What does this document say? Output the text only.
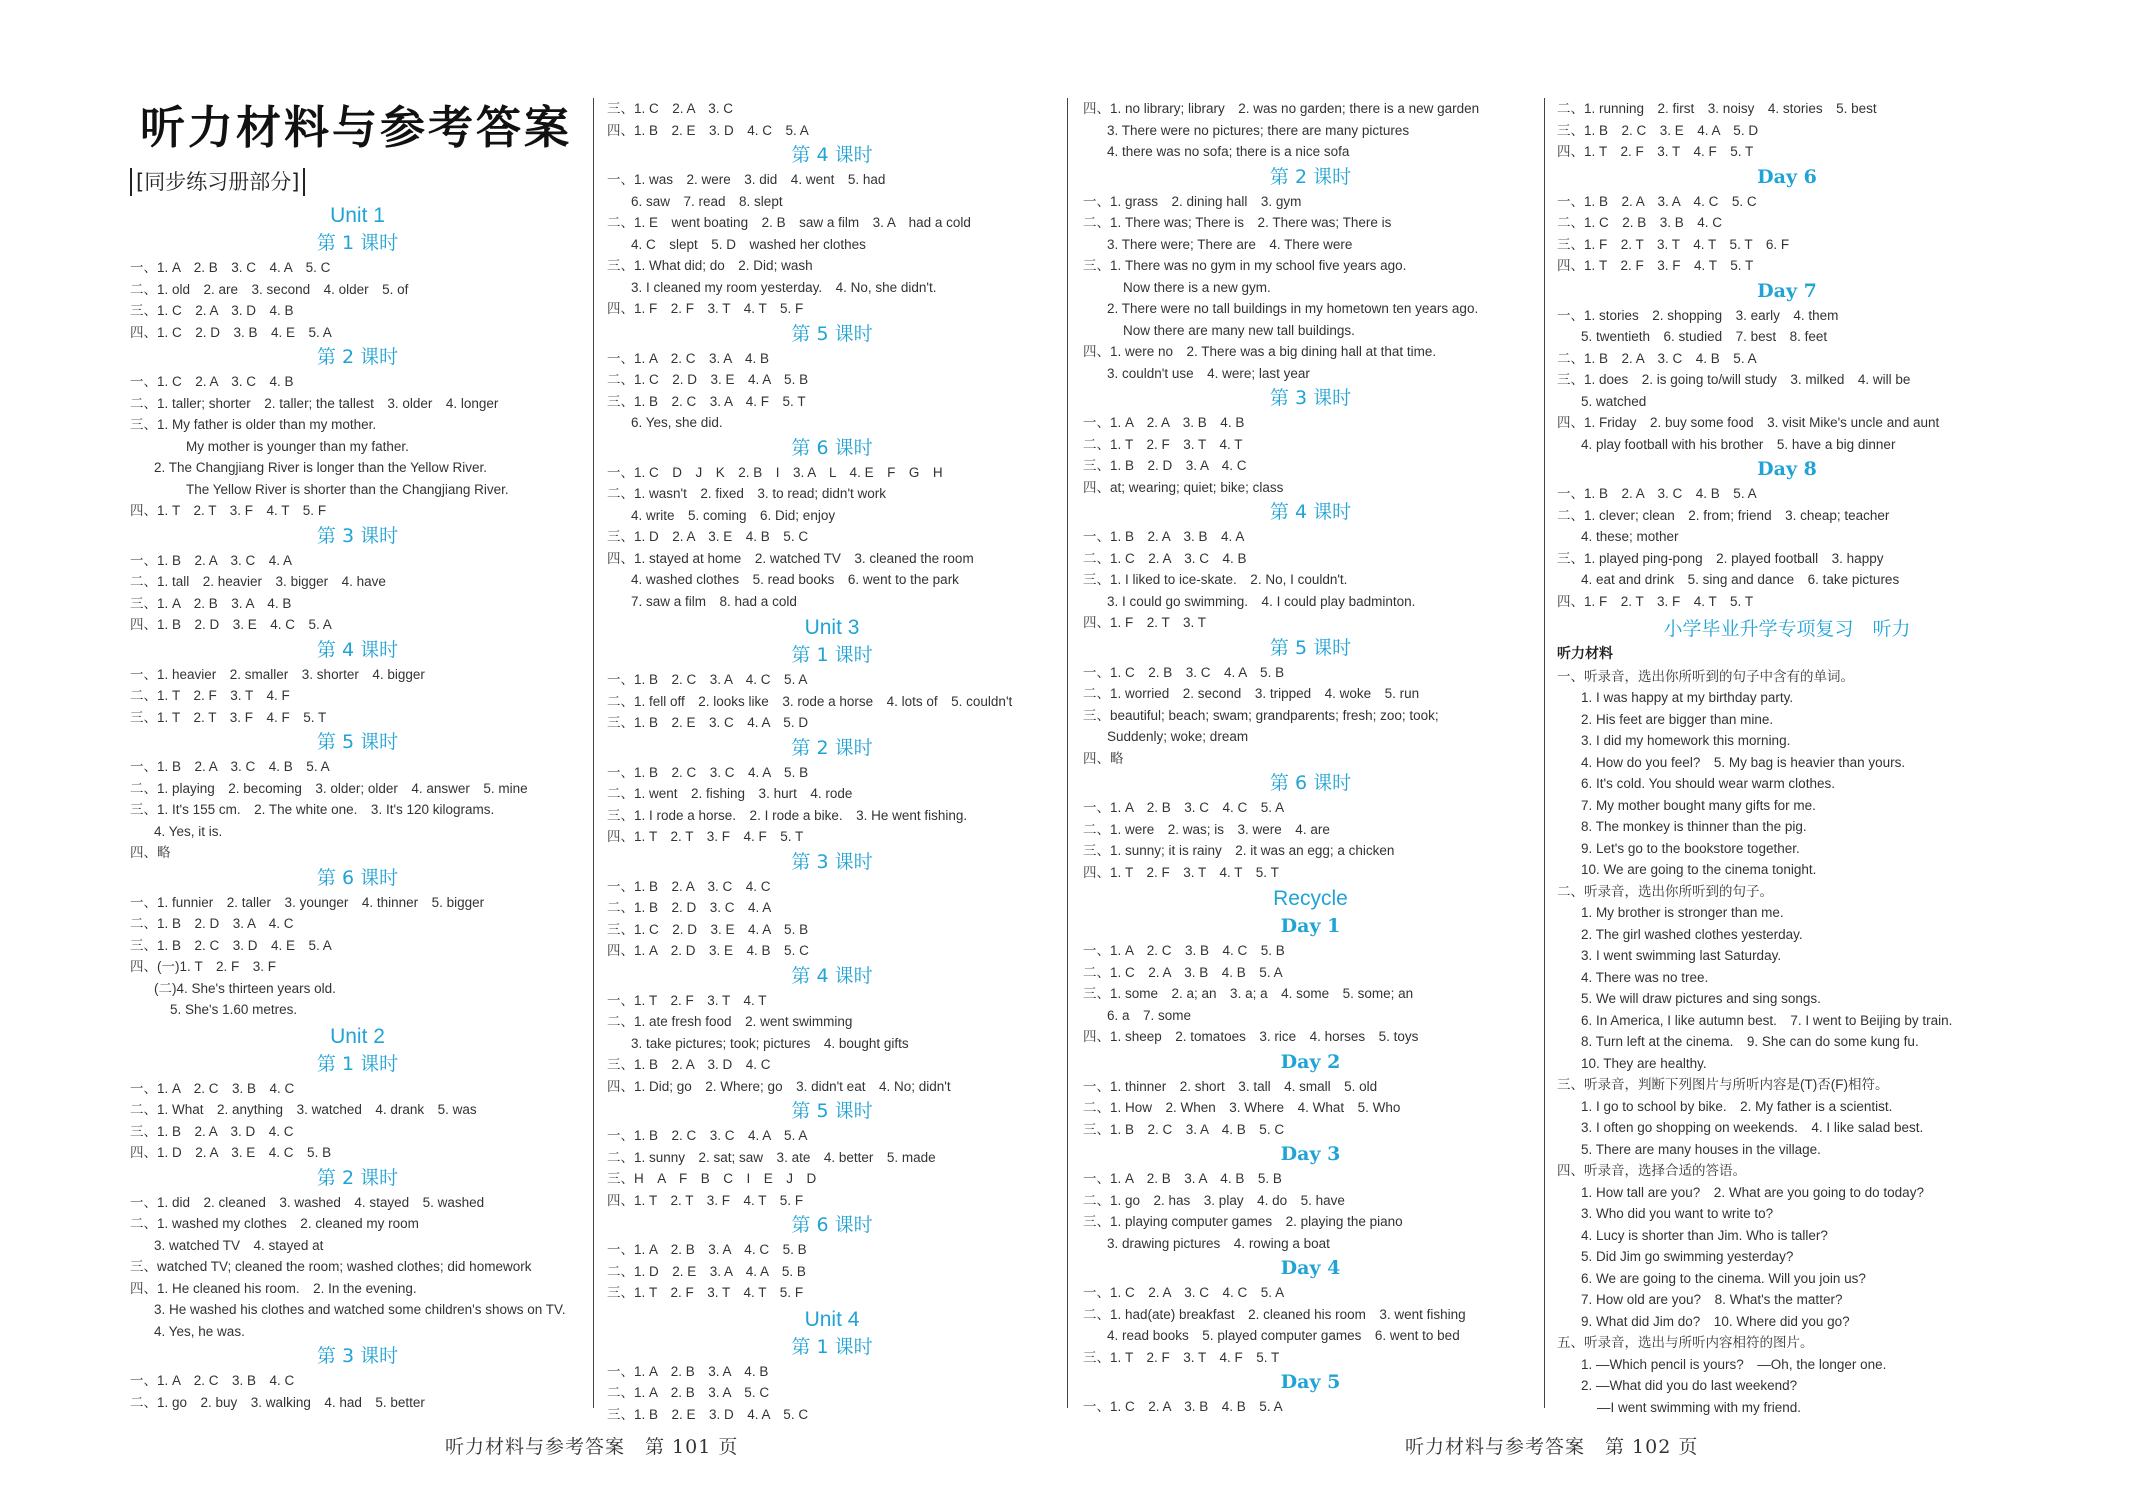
听力材料与参考答案
[同步练习册部分]
Unit 1
第 1 课时
一、1. A　2. B　3. C　4. A　5. C
二、1. old　2. are　3. second　4. older　5. of
三、1. C　2. A　3. D　4. B
四、1. C　2. D　3. B　4. E　5. A
第 2 课时
一、1. C　2. A　3. C　4. B
二、1. taller; shorter　2. taller; the tallest　3. older　4. longer
三、1. My father is older than my mother.
My mother is younger than my father.
2. The Changjiang River is longer than the Yellow River.
The Yellow River is shorter than the Changjiang River.
四、1. T　2. T　3. F　4. T　5. F
第 3 课时
一、1. B　2. A　3. C　4. A
二、1. tall　2. heavier　3. bigger　4. have
三、1. A　2. B　3. A　4. B
四、1. B　2. D　3. E　4. C　5. A
第 4 课时
一、1. heavier　2. smaller　3. shorter　4. bigger
二、1. T　2. F　3. T　4. F
三、1. T　2. T　3. F　4. F　5. T
第 5 课时
一、1. B　2. A　3. C　4. B　5. A
二、1. playing　2. becoming　3. older; older　4. answer　5. mine
三、1. It's 155 cm.　2. The white one.　3. It's 120 kilograms.
4. Yes, it is.
四、略
第 6 课时
一、1. funnier　2. taller　3. younger　4. thinner　5. bigger
二、1. B　2. D　3. A　4. C
三、1. B　2. C　3. D　4. E　5. A
四、(一)1. T　2. F　3. F
(二)4. She's thirteen years old.
5. She's 1.60 metres.
Unit 2
第 1 课时
一、1. A　2. C　3. B　4. C
二、1. What　2. anything　3. watched　4. drank　5. was
三、1. B　2. A　3. D　4. C
四、1. D　2. A　3. E　4. C　5. B
第 2 课时
一、1. did　2. cleaned　3. washed　4. stayed　5. washed
二、1. washed my clothes　2. cleaned my room
3. watched TV　4. stayed at
三、watched TV; cleaned the room; washed clothes; did homework
四、1. He cleaned his room.　2. In the evening.
3. He washed his clothes and watched some children's shows on TV.
4. Yes, he was.
第 3 课时
一、1. A　2. C　3. B　4. C
二、1. go　2. buy　3. walking　4. had　5. better
三、1. C　2. A　3. C
四、1. B　2. E　3. D　4. C　5. A
第 4 课时
一、1. was　2. were　3. did　4. went　5. had
6. saw　7. read　8. slept
二、1. E　went boating　2. B　saw a film　3. A　had a cold
4. C　slept　5. D　washed her clothes
三、1. What did; do　2. Did; wash
3. I cleaned my room yesterday.　4. No, she didn't.
四、1. F　2. F　3. T　4. T　5. F
第 5 课时
一、1. A　2. C　3. A　4. B
二、1. C　2. D　3. E　4. A　5. B
三、1. B　2. C　3. A　4. F　5. T
6. Yes, she did.
第 6 课时
一、1. C　D　J　K　2. B　I　3. A　L　4. E　F　G　H
二、1. wasn't　2. fixed　3. to read; didn't work
4. write　5. coming　6. Did; enjoy
三、1. D　2. A　3. E　4. B　5. C
四、1. stayed at home　2. watched TV　3. cleaned the room
4. washed clothes　5. read books　6. went to the park
7. saw a film　8. had a cold
Unit 3
第 1 课时
一、1. B　2. C　3. A　4. C　5. A
二、1. fell off　2. looks like　3. rode a horse　4. lots of　5. couldn't
三、1. B　2. E　3. C　4. A　5. D
第 2 课时
一、1. B　2. C　3. C　4. A　5. B
二、1. went　2. fishing　3. hurt　4. rode
三、1. I rode a horse.　2. I rode a bike.　3. He went fishing.
四、1. T　2. T　3. F　4. F　5. T
第 3 课时
一、1. B　2. A　3. C　4. C
二、1. B　2. D　3. C　4. A
三、1. C　2. D　3. E　4. A　5. B
四、1. A　2. D　3. E　4. B　5. C
第 4 课时
一、1. T　2. F　3. T　4. T
二、1. ate fresh food　2. went swimming
3. take pictures; took; pictures　4. bought gifts
三、1. B　2. A　3. D　4. C
四、1. Did; go　2. Where; go　3. didn't eat　4. No; didn't
第 5 课时
一、1. B　2. C　3. C　4. A　5. A
二、1. sunny　2. sat; saw　3. ate　4. better　5. made
三、H　A　F　B　C　I　E　J　D
四、1. T　2. T　3. F　4. T　5. F
第 6 课时
一、1. A　2. B　3. A　4. C　5. B
二、1. D　2. E　3. A　4. A　5. B
三、1. T　2. F　3. T　4. T　5. F
Unit 4
第 1 课时
一、1. A　2. B　3. A　4. B
二、1. A　2. B　3. A　5. C
三、1. B　2. E　3. D　4. A　5. C
四、1. no library; library　2. was no garden; there is a new garden
3. There were no pictures; there are many pictures
4. there was no sofa; there is a nice sofa
第 2 课时
一、1. grass　2. dining hall　3. gym
二、1. There was; There is　2. There was; There is
3. There were; There are　4. There were
三、1. There was no gym in my school five years ago.
Now there is a new gym.
2. There were no tall buildings in my hometown ten years ago.
Now there are many new tall buildings.
四、1. were no　2. There was a big dining hall at that time.
3. couldn't use　4. were; last year
第 3 课时
一、1. A　2. A　3. B　4. B
二、1. T　2. F　3. T　4. T
三、1. B　2. D　3. A　4. C
四、at; wearing; quiet; bike; class
第 4 课时
一、1. B　2. A　3. B　4. A
二、1. C　2. A　3. C　4. B
三、1. I liked to ice-skate.　2. No, I couldn't.
3. I could go swimming.　4. I could play badminton.
四、1. F　2. T　3. T
第 5 课时
一、1. C　2. B　3. C　4. A　5. B
二、1. worried　2. second　3. tripped　4. woke　5. run
三、beautiful; beach; swam; grandparents; fresh; zoo; took;
Suddenly; woke; dream
四、略
第 6 课时
一、1. A　2. B　3. C　4. C　5. A
二、1. were　2. was; is　3. were　4. are
三、1. sunny; it is rainy　2. it was an egg; a chicken
四、1. T　2. F　3. T　4. T　5. T
Recycle
Day 1
一、1. A　2. C　3. B　4. C　5. B
二、1. C　2. A　3. B　4. B　5. A
三、1. some　2. a; an　3. a; a　4. some　5. some; an
6. a　7. some
四、1. sheep　2. tomatoes　3. rice　4. horses　5. toys
Day 2
一、1. thinner　2. short　3. tall　4. small　5. old
二、1. How　2. When　3. Where　4. What　5. Who
三、1. B　2. C　3. A　4. B　5. C
Day 3
一、1. A　2. B　3. A　4. B　5. B
二、1. go　2. has　3. play　4. do　5. have
三、1. playing computer games　2. playing the piano
3. drawing pictures　4. rowing a boat
Day 4
一、1. C　2. A　3. C　4. C　5. A
二、1. had(ate) breakfast　2. cleaned his room　3. went fishing
4. read books　5. played computer games　6. went to bed
三、1. T　2. F　3. T　4. F　5. T
Day 5
一、1. C　2. A　3. B　4. B　5. A
二、1. running　2. first　3. noisy　4. stories　5. best
三、1. B　2. C　3. E　4. A　5. D
四、1. T　2. F　3. T　4. F　5. T
Day 6
一、1. B　2. A　3. A　4. C　5. C
二、1. C　2. B　3. B　4. C
三、1. F　2. T　3. T　4. T　5. T　6. F
四、1. T　2. F　3. F　4. T　5. T
Day 7
一、1. stories　2. shopping　3. early　4. them
5. twentieth　6. studied　7. best　8. feet
二、1. B　2. A　3. C　4. B　5. A
三、1. does　2. is going to/will study　3. milked　4. will be
5. watched
四、1. Friday　2. buy some food　3. visit Mike's uncle and aunt
4. play football with his brother　5. have a big dinner
Day 8
一、1. B　2. A　3. C　4. B　5. A
二、1. clever; clean　2. from; friend　3. cheap; teacher
4. these; mother
三、1. played ping-pong　2. played football　3. happy
4. eat and drink　5. sing and dance　6. take pictures
四、1. F　2. T　3. F　4. T　5. T
小学毕业升学专项复习　听力
听力材料
一、听录音，选出你所听到的句子中含有的单词。
1. I was happy at my birthday party.
2. His feet are bigger than mine.
3. I did my homework this morning.
4. How do you feel?　5. My bag is heavier than yours.
6. It's cold. You should wear warm clothes.
7. My mother bought many gifts for me.
8. The monkey is thinner than the pig.
9. Let's go to the bookstore together.
10. We are going to the cinema tonight.
二、听录音，选出你所听到的句子。
1. My brother is stronger than me.
2. The girl washed clothes yesterday.
3. I went swimming last Saturday.
4. There was no tree.
5. We will draw pictures and sing songs.
6. In America, I like autumn best.　7. I went to Beijing by train.
8. Turn left at the cinema.　9. She can do some kung fu.
10. They are healthy.
三、听录音，判断下列图片与所听内容是(T)否(F)相符。
1. I go to school by bike.　2. My father is a scientist.
3. I often go shopping on weekends.　4. I like salad best.
5. There are many houses in the village.
四、听录音，选择合适的答语。
1. How tall are you?　2. What are you going to do today?
3. Who did you want to write to?
4. Lucy is shorter than Jim. Who is taller?
5. Did Jim go swimming yesterday?
6. We are going to the cinema. Will you join us?
7. How old are you?　8. What's the matter?
9. What did Jim do?　10. Where did you go?
五、听录音，选出与所听内容相符的图片。
1. —Which pencil is yours?　—Oh, the longer one.
2. —What did you do last weekend?
—I went swimming with my friend.
听力材料与参考答案　第 101 页	听力材料与参考答案　第 102 页
